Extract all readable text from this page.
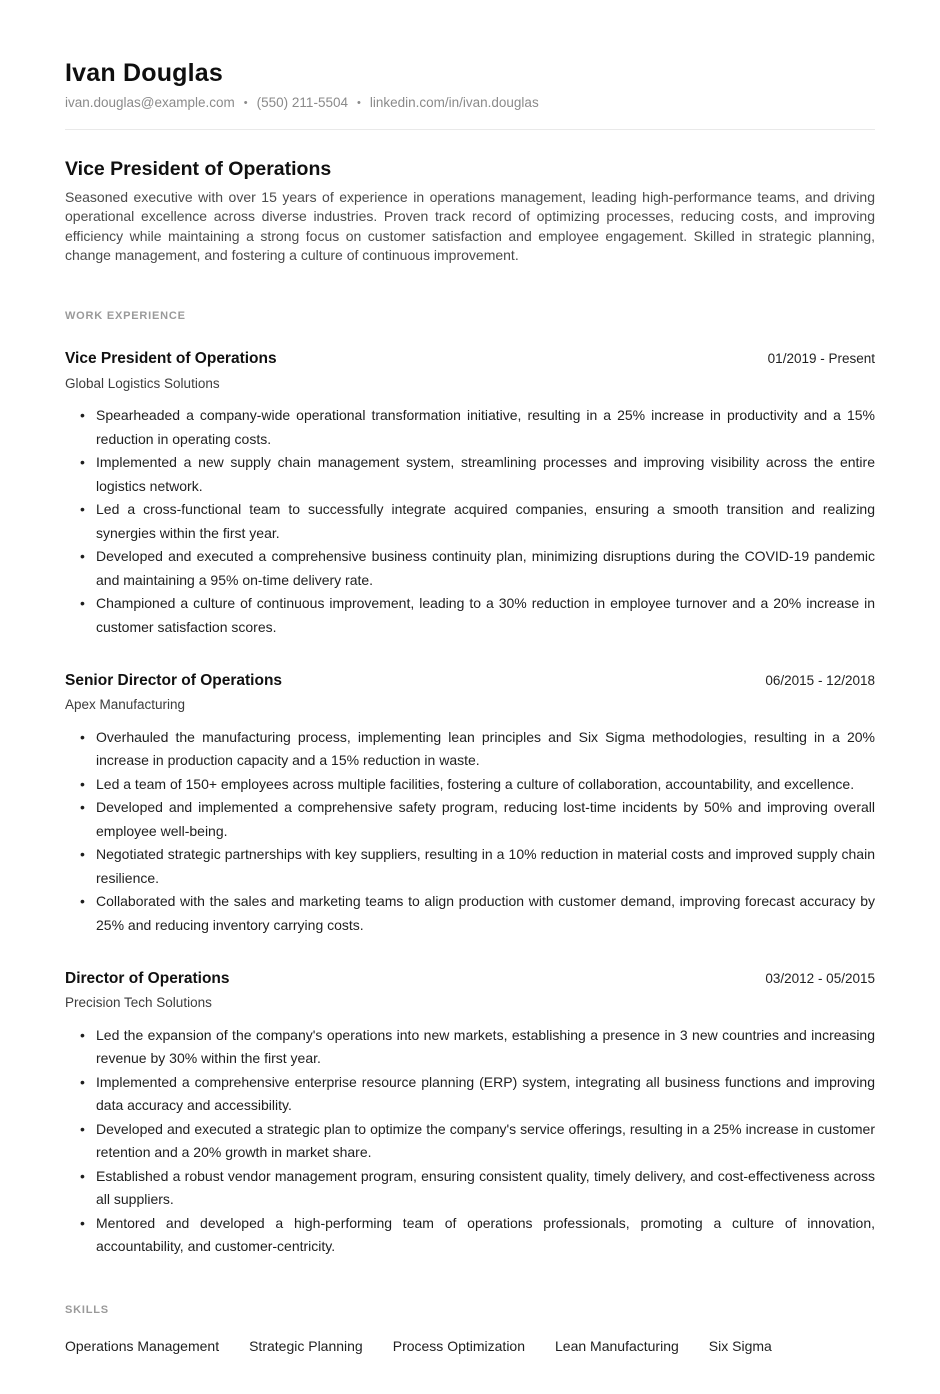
Ivan Douglas
ivan.douglas@example.com • (550) 211-5504 • linkedin.com/in/ivan.douglas
Vice President of Operations

Seasoned executive with over 15 years of experience in operations management, leading high-performance teams, and driving operational excellence across diverse industries. Proven track record of optimizing processes, reducing costs, and improving efficiency while maintaining a strong focus on customer satisfaction and employee engagement. Skilled in strategic planning, change management, and fostering a culture of continuous improvement.

WORK EXPERIENCE
Vice President of Operations	01/2019 - Present
Global Logistics Solutions
• Spearheaded a company-wide operational transformation initiative, resulting in a 25% increase in productivity and a 15% reduction in operating costs.
• Implemented a new supply chain management system, streamlining processes and improving visibility across the entire logistics network.
• Led a cross-functional team to successfully integrate acquired companies, ensuring a smooth transition and realizing synergies within the first year.
• Developed and executed a comprehensive business continuity plan, minimizing disruptions during the COVID-19 pandemic and maintaining a 95% on-time delivery rate.
• Championed a culture of continuous improvement, leading to a 30% reduction in employee turnover and a 20% increase in customer satisfaction scores.
Senior Director of Operations	06/2015 - 12/2018
Apex Manufacturing
• Overhauled the manufacturing process, implementing lean principles and Six Sigma methodologies, resulting in a 20% increase in production capacity and a 15% reduction in waste.
• Led a team of 150+ employees across multiple facilities, fostering a culture of collaboration, accountability, and excellence.
• Developed and implemented a comprehensive safety program, reducing lost-time incidents by 50% and improving overall employee well-being.
• Negotiated strategic partnerships with key suppliers, resulting in a 10% reduction in material costs and improved supply chain resilience.
• Collaborated with the sales and marketing teams to align production with customer demand, improving forecast accuracy by 25% and reducing inventory carrying costs.
Director of Operations	03/2012 - 05/2015
Precision Tech Solutions
• Led the expansion of the company's operations into new markets, establishing a presence in 3 new countries and increasing revenue by 30% within the first year.
• Implemented a comprehensive enterprise resource planning (ERP) system, integrating all business functions and improving data accuracy and accessibility.
• Developed and executed a strategic plan to optimize the company's service offerings, resulting in a 25% increase in customer retention and a 20% growth in market share.
• Established a robust vendor management program, ensuring consistent quality, timely delivery, and cost-effectiveness across all suppliers.
• Mentored and developed a high-performing team of operations professionals, promoting a culture of innovation, accountability, and customer-centricity.
SKILLS
Operations Management Strategic Planning Process Optimization Lean Manufacturing Six Sigma
